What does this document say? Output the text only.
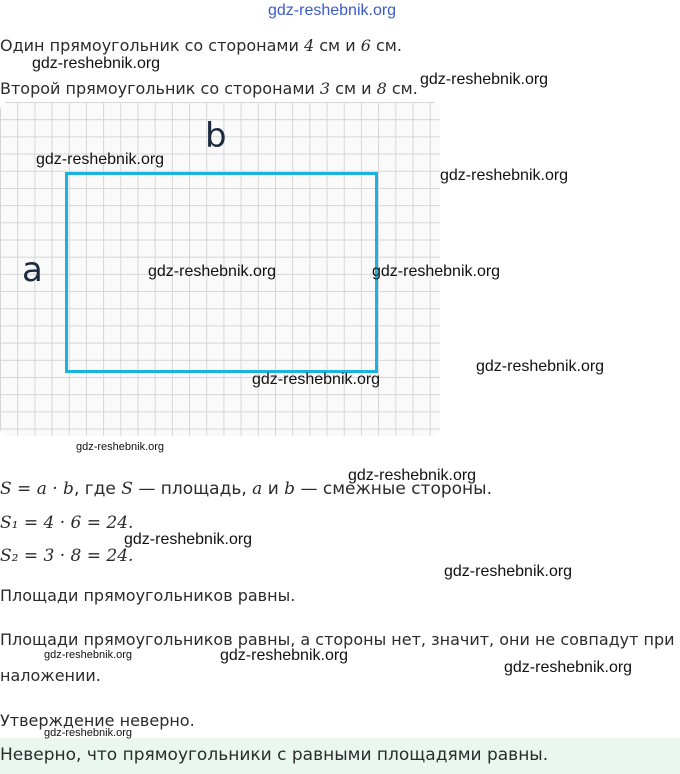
gdz-reshebnik.org
Один прямоугольник со сторонами 4 см и 6 см.
Второй прямоугольник со сторонами 3 см и 8 см.
b
a
S = a · b, где S — площадь, a и b — смежные стороны.
S₁ = 4 · 6 = 24.
S₂ = 3 · 8 = 24.
Площади прямоугольников равны.
Площади прямоугольников равны, а стороны нет, значит, они не совпадут при
наложении.
Утверждение неверно.
Неверно, что прямоугольники с равными площадями равны.
gdz-reshebnik.org
gdz-reshebnik.org
gdz-reshebnik.org
gdz-reshebnik.org
gdz-reshebnik.org	gdz-reshebnik.org
gdz-reshebnik.org
gdz-reshebnik.org
gdz-reshebnik.org
gdz-reshebnik.org
gdz-reshebnik.org
gdz-reshebnik.org
gdz-reshebnik.org	gdz-reshebnik.org
gdz-reshebnik.org
gdz-reshebnik.org
